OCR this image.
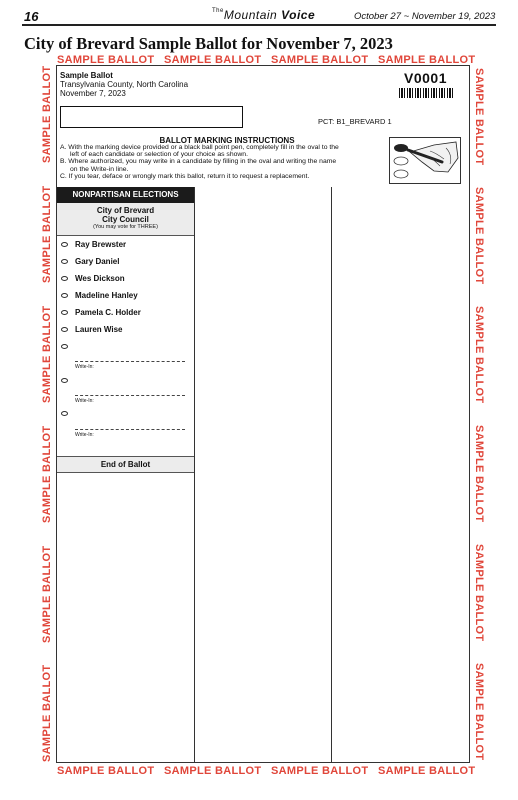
16	$^{The}$Mountain Voice	October 27 ~ November 19, 2023
City of Brevard Sample Ballot for November 7, 2023
SAMPLE BALLOT SAMPLE BALLOT SAMPLE BALLOT SAMPLE BALLOT
SAMPLE BALLOT SAMPLE BALLOT SAMPLE BALLOT SAMPLE BALLOT
SAMPLE BALLOT
SAMPLE BALLOT
SAMPLE BALLOT
SAMPLE BALLOT
SAMPLE BALLOT
SAMPLE BALLOT
SAMPLE BALLOT
SAMPLE BALLOT
SAMPLE BALLOT
SAMPLE BALLOT
SAMPLE BALLOT
SAMPLE BALLOT
Sample Ballot
Transylvania County, North Carolina
November 7, 2023
V0001
PCT: B1_BREVARD 1
BALLOT MARKING INSTRUCTIONS
A. With the marking device provided or a black ball point pen, completely fill in the oval to the
left of each candidate or selection of your choice as shown.
B. Where authorized, you may write in a candidate by filling in the oval and writing the name
on the Write-in line.
C. If you tear, deface or wrongly mark this ballot, return it to request a replacement.
NONPARTISAN ELECTIONS
City of Brevard
City Council
(You may vote for THREE)
Ray Brewster
Gary Daniel
Wes Dickson
Madeline Hanley
Pamela C. Holder
Lauren Wise
Write-In:
Write-In:
Write-In:
End of Ballot
